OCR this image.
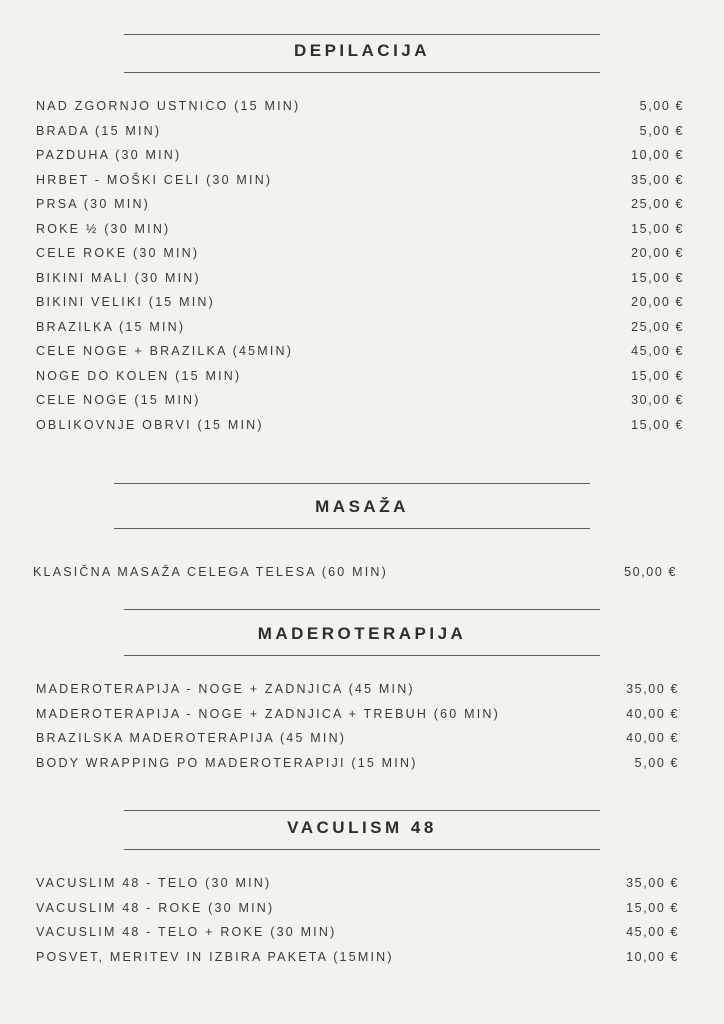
DEPILACIJA
NAD ZGORNJO USTNICO (15 MIN)	5,00 €
BRADA (15 MIN)	5,00 €
PAZDUHA (30 MIN)	10,00 €
HRBET - MOŠKI CELI (30 MIN)	35,00 €
PRSA (30 MIN)	25,00 €
ROKE ½ (30 MIN)	15,00 €
CELE ROKE (30 MIN)	20,00 €
BIKINI MALI (30 MIN)	15,00 €
BIKINI VELIKI (15 MIN)	20,00 €
BRAZILKA (15 MIN)	25,00 €
CELE NOGE + BRAZILKA (45MIN)	45,00 €
NOGE DO KOLEN (15 MIN)	15,00 €
CELE NOGE (15 MIN)	30,00 €
OBLIKOVNJE OBRVI (15 MIN)	15,00 €
MASAŽA
KLASIČNA MASAŽA CELEGA TELESA (60 MIN)	50,00 €
MADEROTERAPIJA
MADEROTERAPIJA - NOGE + ZADNJICA (45 MIN)	35,00 €
MADEROTERAPIJA - NOGE + ZADNJICA + TREBUH (60 MIN)	40,00 €
BRAZILSKA MADEROTERAPIJA (45 MIN)	40,00 €
BODY WRAPPING PO MADEROTERAPIJI (15 MIN)	5,00 €
VACULISM 48
VACUSLIM 48 - TELO (30 MIN)	35,00 €
VACUSLIM 48 - ROKE (30 MIN)	15,00 €
VACUSLIM 48 - TELO + ROKE (30 MIN)	45,00 €
POSVET, MERITEV IN IZBIRA PAKETA (15MIN)	10,00 €
